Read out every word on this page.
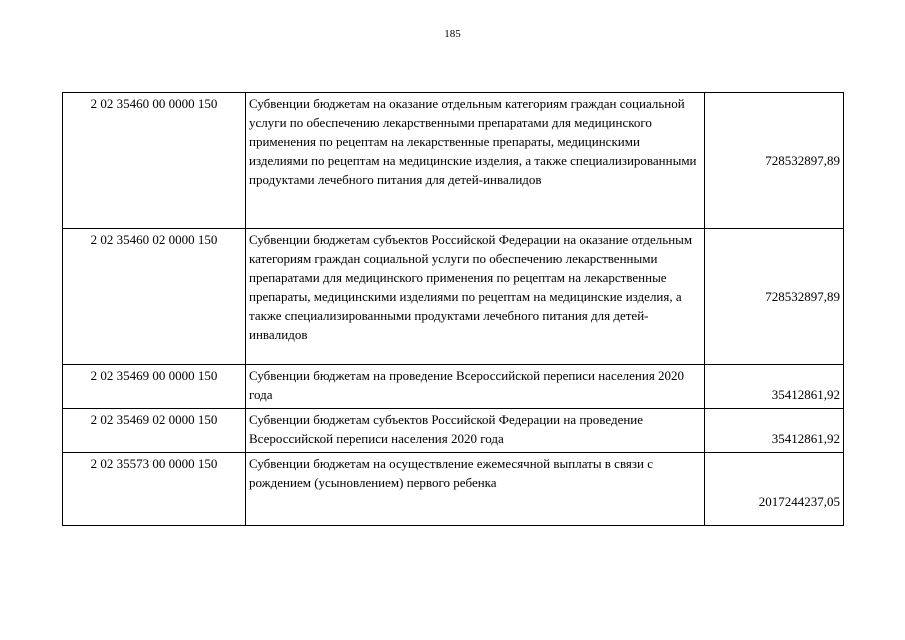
185
2 02 35460 00 0000 150	Субвенции бюджетам на оказание отдельным категориям граждан социальной услуги по обеспечению лекарственными препаратами для медицинского применения по рецептам на лекарственные препараты, медицинскими изделиями по рецептам на медицинские изделия, а также специализированными продуктами лечебного питания для детей-инвалидов	728532897,89
2 02 35460 02 0000 150	Субвенции бюджетам субъектов Российской Федерации на оказание отдельным категориям граждан социальной услуги по обеспечению лекарственными препаратами для медицинского применения по рецептам на лекарственные препараты, медицинскими изделиями по рецептам на медицинские изделия, а также специализированными продуктами лечебного питания для детей-инвалидов	728532897,89
2 02 35469 00 0000 150	Субвенции бюджетам на проведение Всероссийской переписи населения 2020 года	35412861,92
2 02 35469 02 0000 150	Субвенции бюджетам субъектов Российской Федерации на проведение Всероссийской переписи населения 2020 года	35412861,92
2 02 35573 00 0000 150	Субвенции бюджетам на осуществление ежемесячной выплаты в связи с рождением (усыновлением) первого ребенка	2017244237,05
